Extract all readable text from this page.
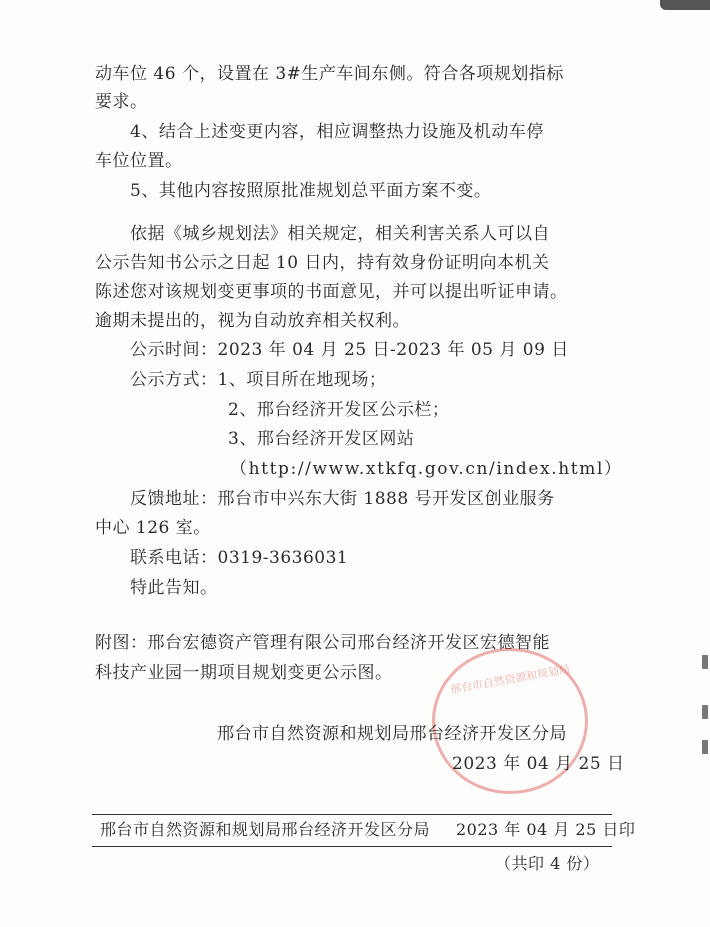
动车位 46 个，设置在 3#生产车间东侧。符合各项规划指标
要求。
4、结合上述变更内容，相应调整热力设施及机动车停
车位位置。
5、其他内容按照原批准规划总平面方案不变。
依据《城乡规划法》相关规定，相关利害关系人可以自
公示告知书公示之日起 10 日内，持有效身份证明向本机关
陈述您对该规划变更事项的书面意见，并可以提出听证申请。
逾期未提出的，视为自动放弃相关权利。
公示时间：2023 年 04 月 25 日-2023 年 05 月 09 日
公示方式：1、项目所在地现场；
2、邢台经济开发区公示栏；
3、邢台经济开发区网站
（http://www.xtkfq.gov.cn/index.html）
反馈地址：邢台市中兴东大街 1888 号开发区创业服务
中心 126 室。
联系电话：0319-3636031
特此告知。
附图：邢台宏德资产管理有限公司邢台经济开发区宏德智能
科技产业园一期项目规划变更公示图。	邢台市自然资源和规划局
邢台市自然资源和规划局邢台经济开发区分局
2023 年 04 月 25 日
邢台市自然资源和规划局邢台经济开发区分局 2023 年 04 月 25 日印
（共印 4 份）
